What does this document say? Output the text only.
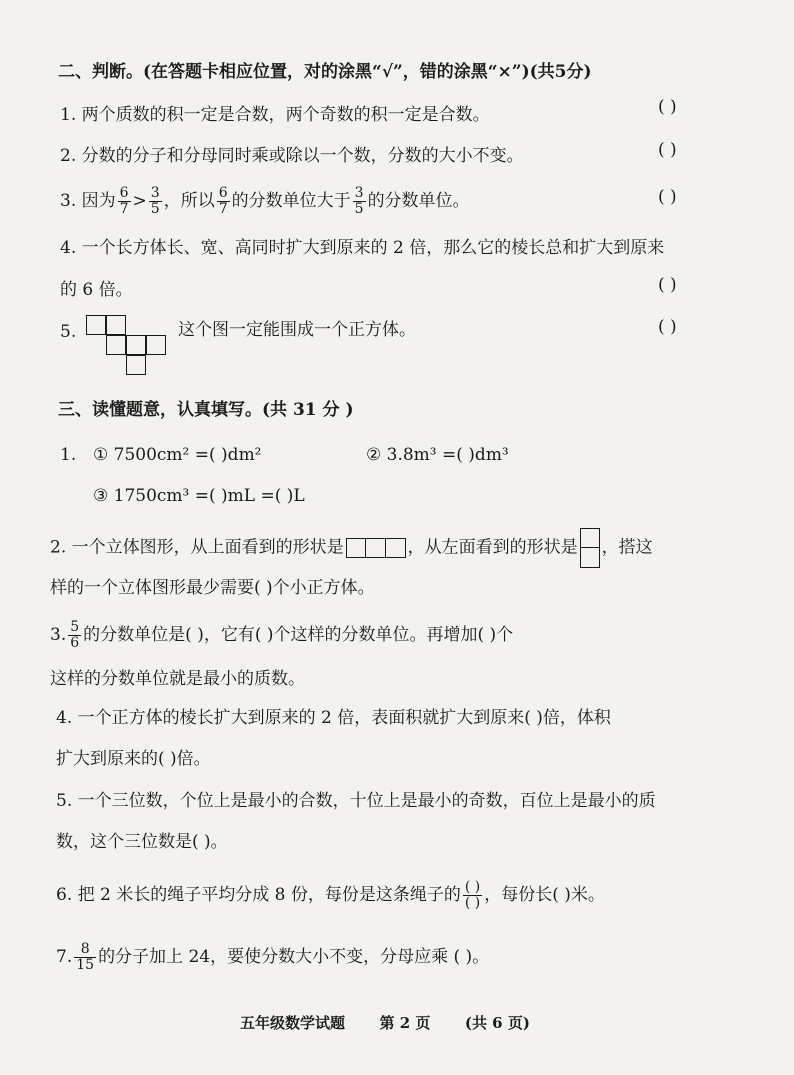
二、判断。(在答题卡相应位置，对的涂黑“√”，错的涂黑“×”)(共5分)
1. 两个质数的积一定是合数，两个奇数的积一定是合数。	( )
2. 分数的分子和分母同时乘或除以一个数，分数的大小不变。	( )
3. 因为 $\frac{6}{7} > \frac{3}{5}$ ，所以 $\frac{6}{7}$ 的分数单位大于 $\frac{3}{5}$ 的分数单位。	( )
4. 一个长方体长、宽、高同时扩大到原来的 2 倍，那么它的棱长总和扩大到原来
的 6 倍。	( )
5.	这个图一定能围成一个正方体。	( )
三、读懂题意，认真填写。(共 31 分 )
1. ① 7500cm² =( )dm²	② 3.8m³ =( )dm³
③ 1750cm³ =( )mL =( )L
2. 一个立体图形，从上面看到的形状是	，从左面看到的形状是 ，搭这
样的一个立体图形最少需要( )个小正方体。
3. $\frac{5}{6}$ 的分数单位是( )，它有( )个这样的分数单位。再增加( )个
这样的分数单位就是最小的质数。
4. 一个正方体的棱长扩大到原来的 2 倍，表面积就扩大到原来( )倍，体积
扩大到原来的( )倍。
5. 一个三位数，个位上是最小的合数，十位上是最小的奇数，百位上是最小的质
数，这个三位数是( )。
6. 把 2 米长的绳子平均分成 8 份，每份是这条绳子的 $\frac{( )}{( )}$ ，每份长( )米。
7. $\frac{8}{15}$ 的分子加上 24，要使分数大小不变，分母应乘 ( )。
五年级数学试题 第 2 页 (共 6 页)
